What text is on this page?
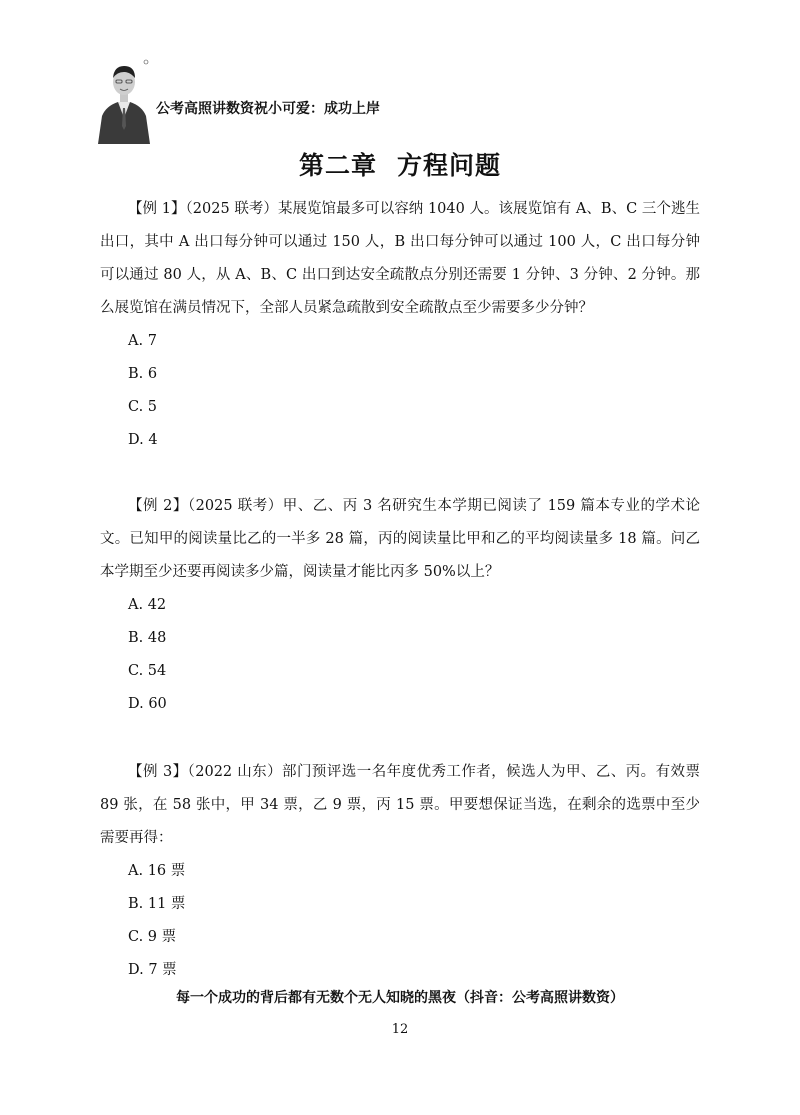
公考高照讲数资祝小可爱：成功上岸
第二章 方程问题

【例 1】（2025 联考）某展览馆最多可以容纳 1040 人。该展览馆有 A、B、C 三个逃生出口，其中 A 出口每分钟可以通过 150 人，B 出口每分钟可以通过 100 人，C 出口每分钟可以通过 80 人，从 A、B、C 出口到达安全疏散点分别还需要 1 分钟、3 分钟、2 分钟。那么展览馆在满员情况下，全部人员紧急疏散到安全疏散点至少需要多少分钟？

A. 7
B. 6
C. 5
D. 4

【例 2】（2025 联考）甲、乙、丙 3 名研究生本学期已阅读了 159 篇本专业的学术论文。已知甲的阅读量比乙的一半多 28 篇，丙的阅读量比甲和乙的平均阅读量多 18 篇。问乙本学期至少还要再阅读多少篇，阅读量才能比丙多 50%以上？

A. 42
B. 48
C. 54
D. 60

【例 3】（2022 山东）部门预评选一名年度优秀工作者，候选人为甲、乙、丙。有效票 89 张，在 58 张中，甲 34 票，乙 9 票，丙 15 票。甲要想保证当选，在剩余的选票中至少需要再得：

A. 16 票
B. 11 票
C. 9 票
D. 7 票
每一个成功的背后都有无数个无人知晓的黑夜（抖音：公考高照讲数资）
12
